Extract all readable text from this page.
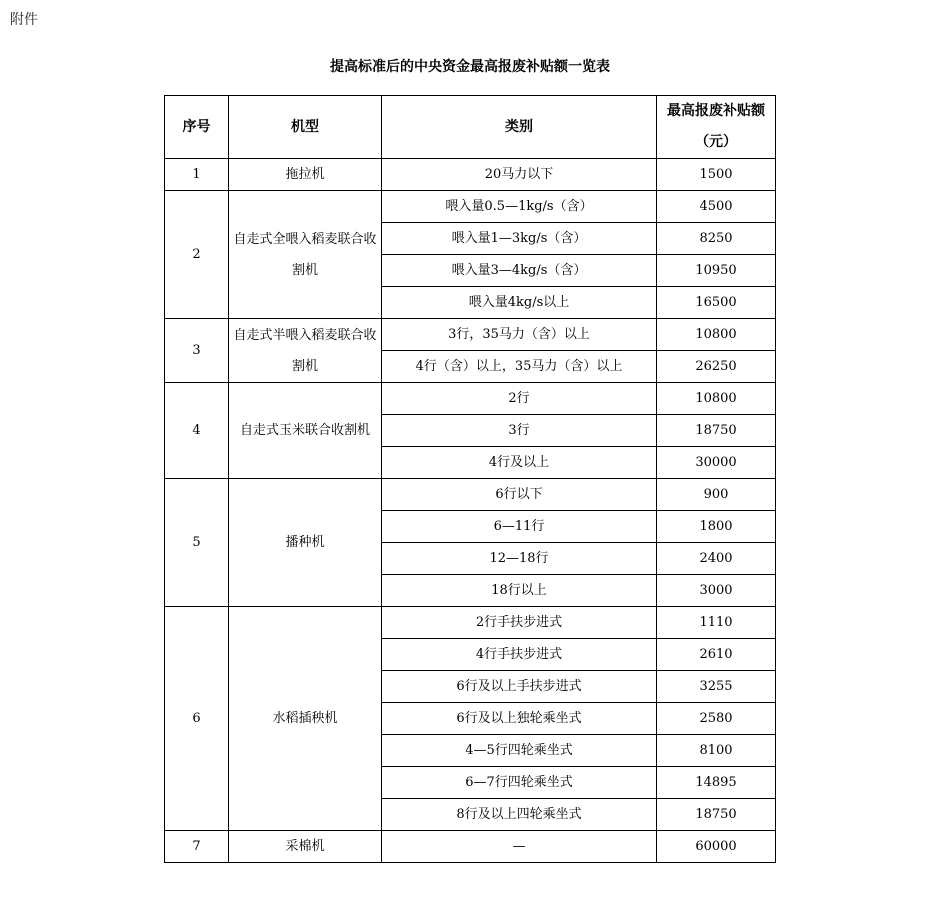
附件
提高标准后的中央资金最高报废补贴额一览表
序号	机型	类别	最高报废补贴额（元）
1	拖拉机	20马力以下	1500
2	自走式全喂入稻麦联合收割机	喂入量0.5—1kg/s（含）	4500
		喂入量1—3kg/s（含）	8250
		喂入量3—4kg/s（含）	10950
		喂入量4kg/s以上	16500
3	自走式半喂入稻麦联合收割机	3行，35马力（含）以上	10800
		4行（含）以上，35马力（含）以上	26250
4	自走式玉米联合收割机	2行	10800
		3行	18750
		4行及以上	30000
5	播种机	6行以下	900
		6—11行	1800
		12—18行	2400
		18行以上	3000
6	水稻插秧机	2行手扶步进式	1110
		4行手扶步进式	2610
		6行及以上手扶步进式	3255
		6行及以上独轮乘坐式	2580
		4—5行四轮乘坐式	8100
		6—7行四轮乘坐式	14895
		8行及以上四轮乘坐式	18750
7	采棉机	—	60000
